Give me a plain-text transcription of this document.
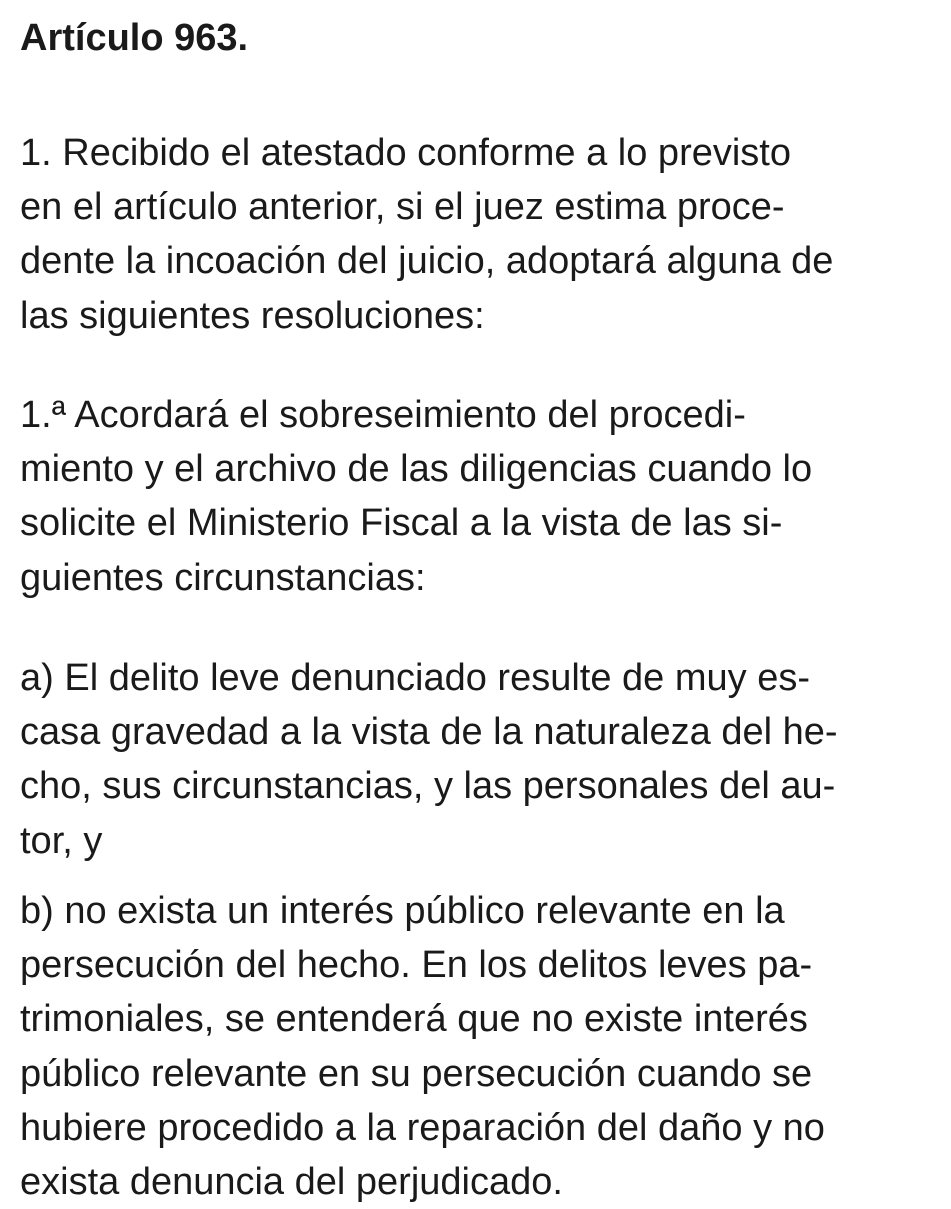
Artículo 963.
1. Recibido el atestado conforme a lo previsto
en el artículo anterior, si el juez estima proce-
dente la incoación del juicio, adoptará alguna de
las siguientes resoluciones:
1.ª Acordará el sobreseimiento del procedi-
miento y el archivo de las diligencias cuando lo
solicite el Ministerio Fiscal a la vista de las si-
guientes circunstancias:
a) El delito leve denunciado resulte de muy es-
casa gravedad a la vista de la naturaleza del he-
cho, sus circunstancias, y las personales del au-
tor, y
b) no exista un interés público relevante en la
persecución del hecho. En los delitos leves pa-
trimoniales, se entenderá que no existe interés
público relevante en su persecución cuando se
hubiere procedido a la reparación del daño y no
exista denuncia del perjudicado.
